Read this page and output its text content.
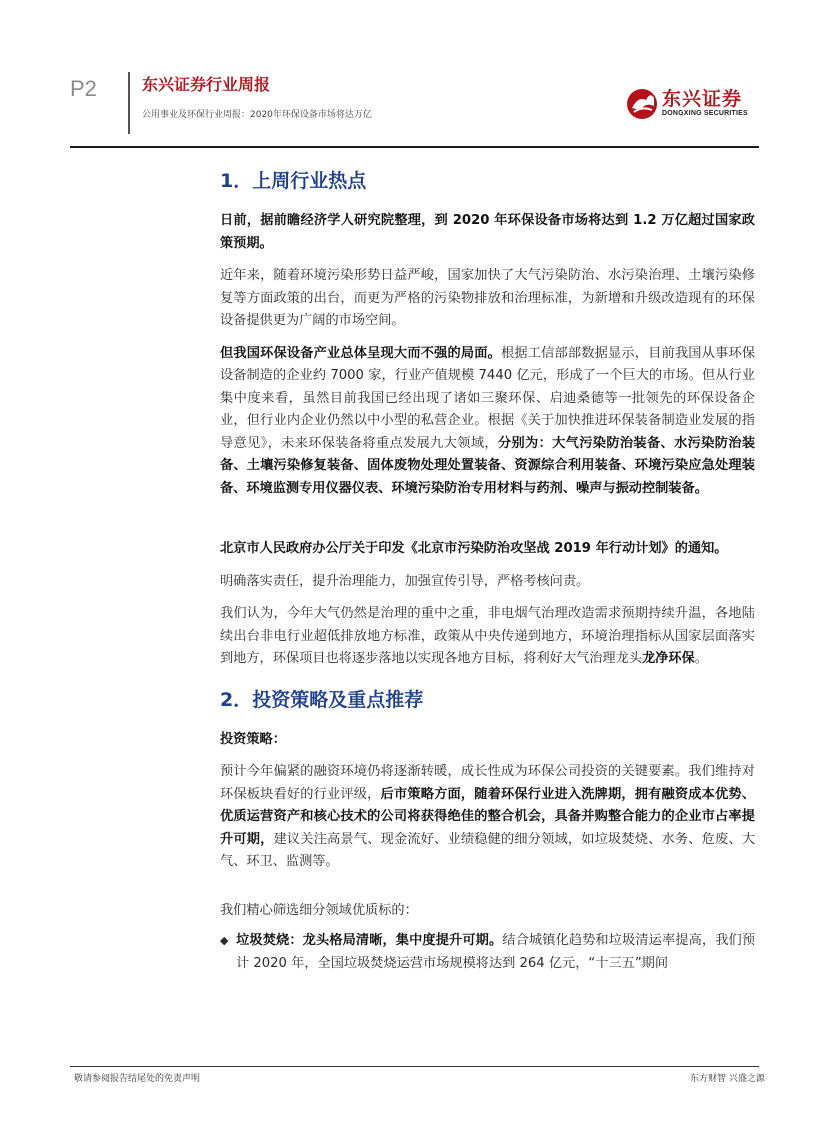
P2	东兴证券行业周报
公用事业及环保行业周报：2020年环保设备市场将达万亿
东兴证券
DONGXING SECURITIES
1．上周行业热点

日前，据前瞻经济学人研究院整理，到 2020 年环保设备市场将达到 1.2 万亿超过国家政策预期。

近年来，随着环境污染形势日益严峻，国家加快了大气污染防治、水污染治理、土壤污染修复等方面政策的出台，而更为严格的污染物排放和治理标准，为新增和升级改造现有的环保设备提供更为广阔的市场空间。

但我国环保设备产业总体呈现大而不强的局面。根据工信部部数据显示，目前我国从事环保设备制造的企业约 7000 家，行业产值规模 7440 亿元，形成了一个巨大的市场。但从行业集中度来看，虽然目前我国已经出现了诸如三聚环保、启迪桑德等一批领先的环保设备企业，但行业内企业仍然以中小型的私营企业。根据《关于加快推进环保装备制造业发展的指导意见》，未来环保装备将重点发展九大领域，分别为：大气污染防治装备、水污染防治装备、土壤污染修复装备、固体废物处理处置装备、资源综合利用装备、环境污染应急处理装备、环境监测专用仪器仪表、环境污染防治专用材料与药剂、噪声与振动控制装备。

北京市人民政府办公厅关于印发《北京市污染防治攻坚战 2019 年行动计划》的通知。

明确落实责任，提升治理能力，加强宣传引导，严格考核问责。

我们认为，今年大气仍然是治理的重中之重，非电烟气治理改造需求预期持续升温，各地陆续出台非电行业超低排放地方标准，政策从中央传递到地方，环境治理指标从国家层面落实到地方，环保项目也将逐步落地以实现各地方目标，将利好大气治理龙头龙净环保。

2．投资策略及重点推荐

投资策略：

预计今年偏紧的融资环境仍将逐渐转暖，成长性成为环保公司投资的关键要素。我们维持对环保板块看好的行业评级，后市策略方面，随着环保行业进入洗牌期，拥有融资成本优势、优质运营资产和核心技术的公司将获得绝佳的整合机会，具备并购整合能力的企业市占率提升可期，建议关注高景气、现金流好、业绩稳健的细分领域，如垃圾焚烧、水务、危废、大气、环卫、监测等。

我们精心筛选细分领域优质标的：

◆ 垃圾焚烧：龙头格局清晰，集中度提升可期。结合城镇化趋势和垃圾清运率提高，我们预计 2020 年，全国垃圾焚烧运营市场规模将达到 264 亿元，“十三五”期间

敬请参阅报告结尾处的免责声明	东方财智 兴盛之源
